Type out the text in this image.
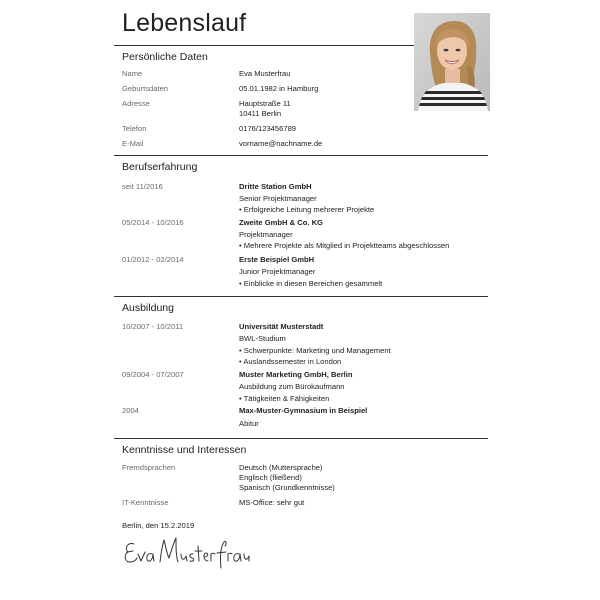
Lebenslauf
Persönliche Daten
Name	Eva Musterfrau
Geburtsdaten	05.01.1982 in Hamburg
Adresse	Hauptstraße 11
10411 Berlin
Telefon	0176/123456789
E-Mail	vorname@nachname.de
Berufserfahrung
seit 11/2016	Dritte Station GmbH
Senior Projektmanager
• Erfolgreiche Leitung mehrerer Projekte
05/2014 - 10/2016	Zweite GmbH & Co. KG
Projektmanager
• Mehrere Projekte als Mitglied in Projektteams abgeschlossen
01/2012 - 02/2014	Erste Beispiel GmbH
Junior Projektmanager
• Einblicke in diesen Bereichen gesammelt
Ausbildung
10/2007 - 10/2011	Universität Musterstadt
BWL-Studium
• Schwerpunkte: Marketing und Management
• Auslandssemester in London
09/2004 - 07/2007	Muster Marketing GmbH, Berlin
Ausbildung zum Bürokaufmann
• Tätigkeiten & Fähigkeiten
2004	Max-Muster-Gymnasium in Beispiel
Abitur
Kenntnisse und Interessen
Fremdsprachen	Deutsch (Muttersprache)
Englisch (fließend)
Spanisch (Grundkenntnisse)
IT-Kenntnisse	MS-Office: sehr gut
Berlin, den 15.2.2019
